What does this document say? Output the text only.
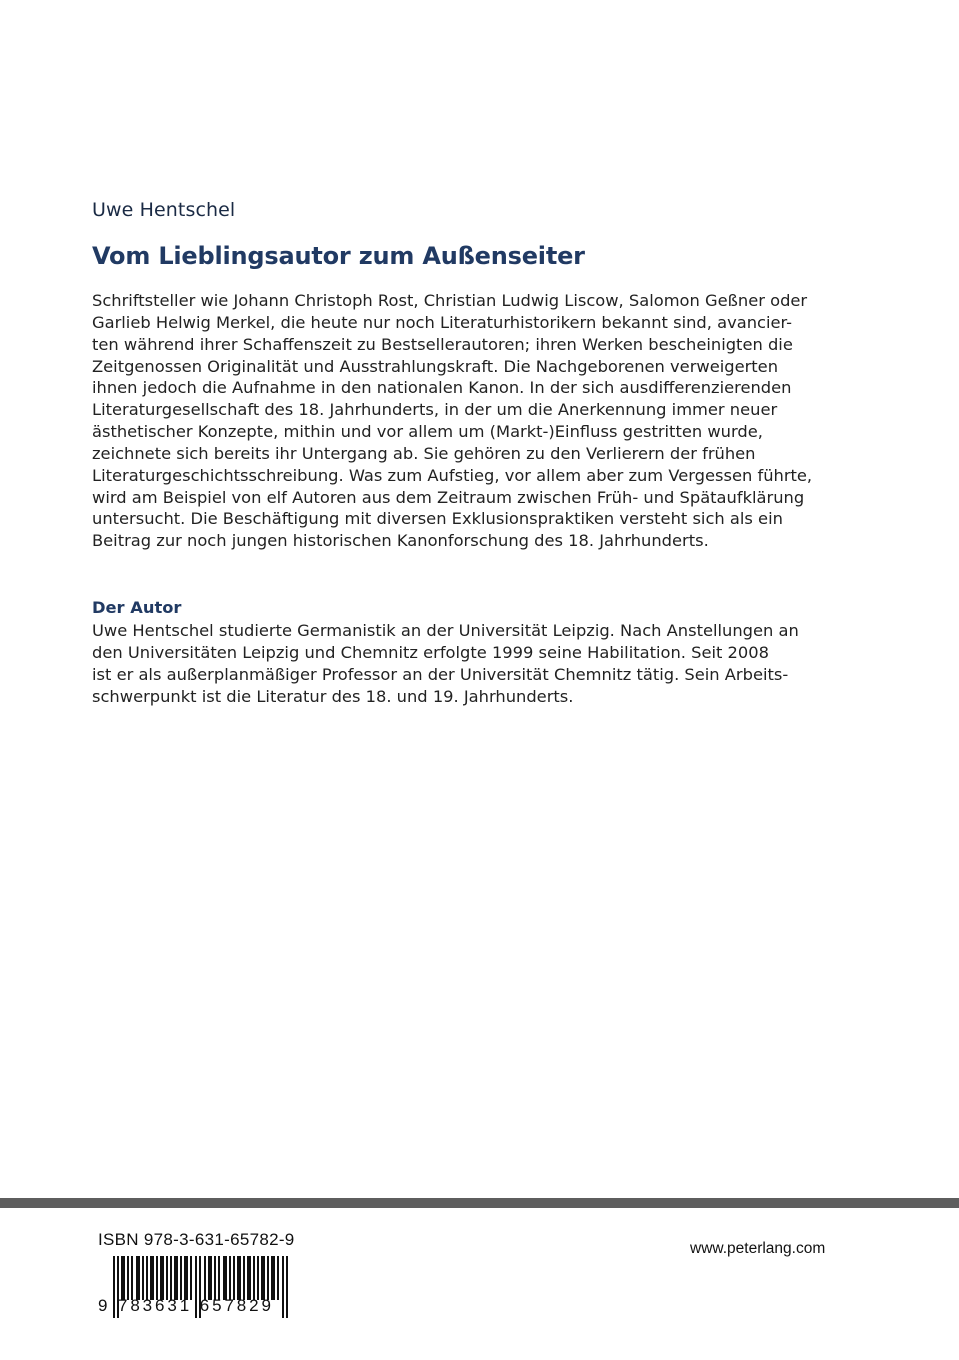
Uwe Hentschel
Vom Lieblingsautor zum Außenseiter
Schriftsteller wie Johann Christoph Rost, Christian Ludwig Liscow, Salomon Geßner oder
Garlieb Helwig Merkel, die heute nur noch Literaturhistorikern bekannt sind, avancier-
ten während ihrer Schaffenszeit zu Bestsellerautoren; ihren Werken bescheinigten die
Zeitgenossen Originalität und Ausstrahlungskraft. Die Nachgeborenen verweigerten
ihnen jedoch die Aufnahme in den nationalen Kanon. In der sich ausdifferenzierenden
Literaturgesellschaft des 18. Jahrhunderts, in der um die Anerkennung immer neuer
ästhetischer Konzepte, mithin und vor allem um (Markt-)Einfluss gestritten wurde,
zeichnete sich bereits ihr Untergang ab. Sie gehören zu den Verlierern der frühen
Literaturgeschichtsschreibung. Was zum Aufstieg, vor allem aber zum Vergessen führte,
wird am Beispiel von elf Autoren aus dem Zeitraum zwischen Früh- und Spätaufklärung
untersucht. Die Beschäftigung mit diversen Exklusionspraktiken versteht sich als ein
Beitrag zur noch jungen historischen Kanonforschung des 18. Jahrhunderts.
Der Autor
Uwe Hentschel studierte Germanistik an der Universität Leipzig. Nach Anstellungen an
den Universitäten Leipzig und Chemnitz erfolgte 1999 seine Habilitation. Seit 2008
ist er als außerplanmäßiger Professor an der Universität Chemnitz tätig. Sein Arbeits-
schwerpunkt ist die Literatur des 18. und 19. Jahrhunderts.
ISBN 978-3-631-65782-9
9 783631 657829
www.peterlang.com
